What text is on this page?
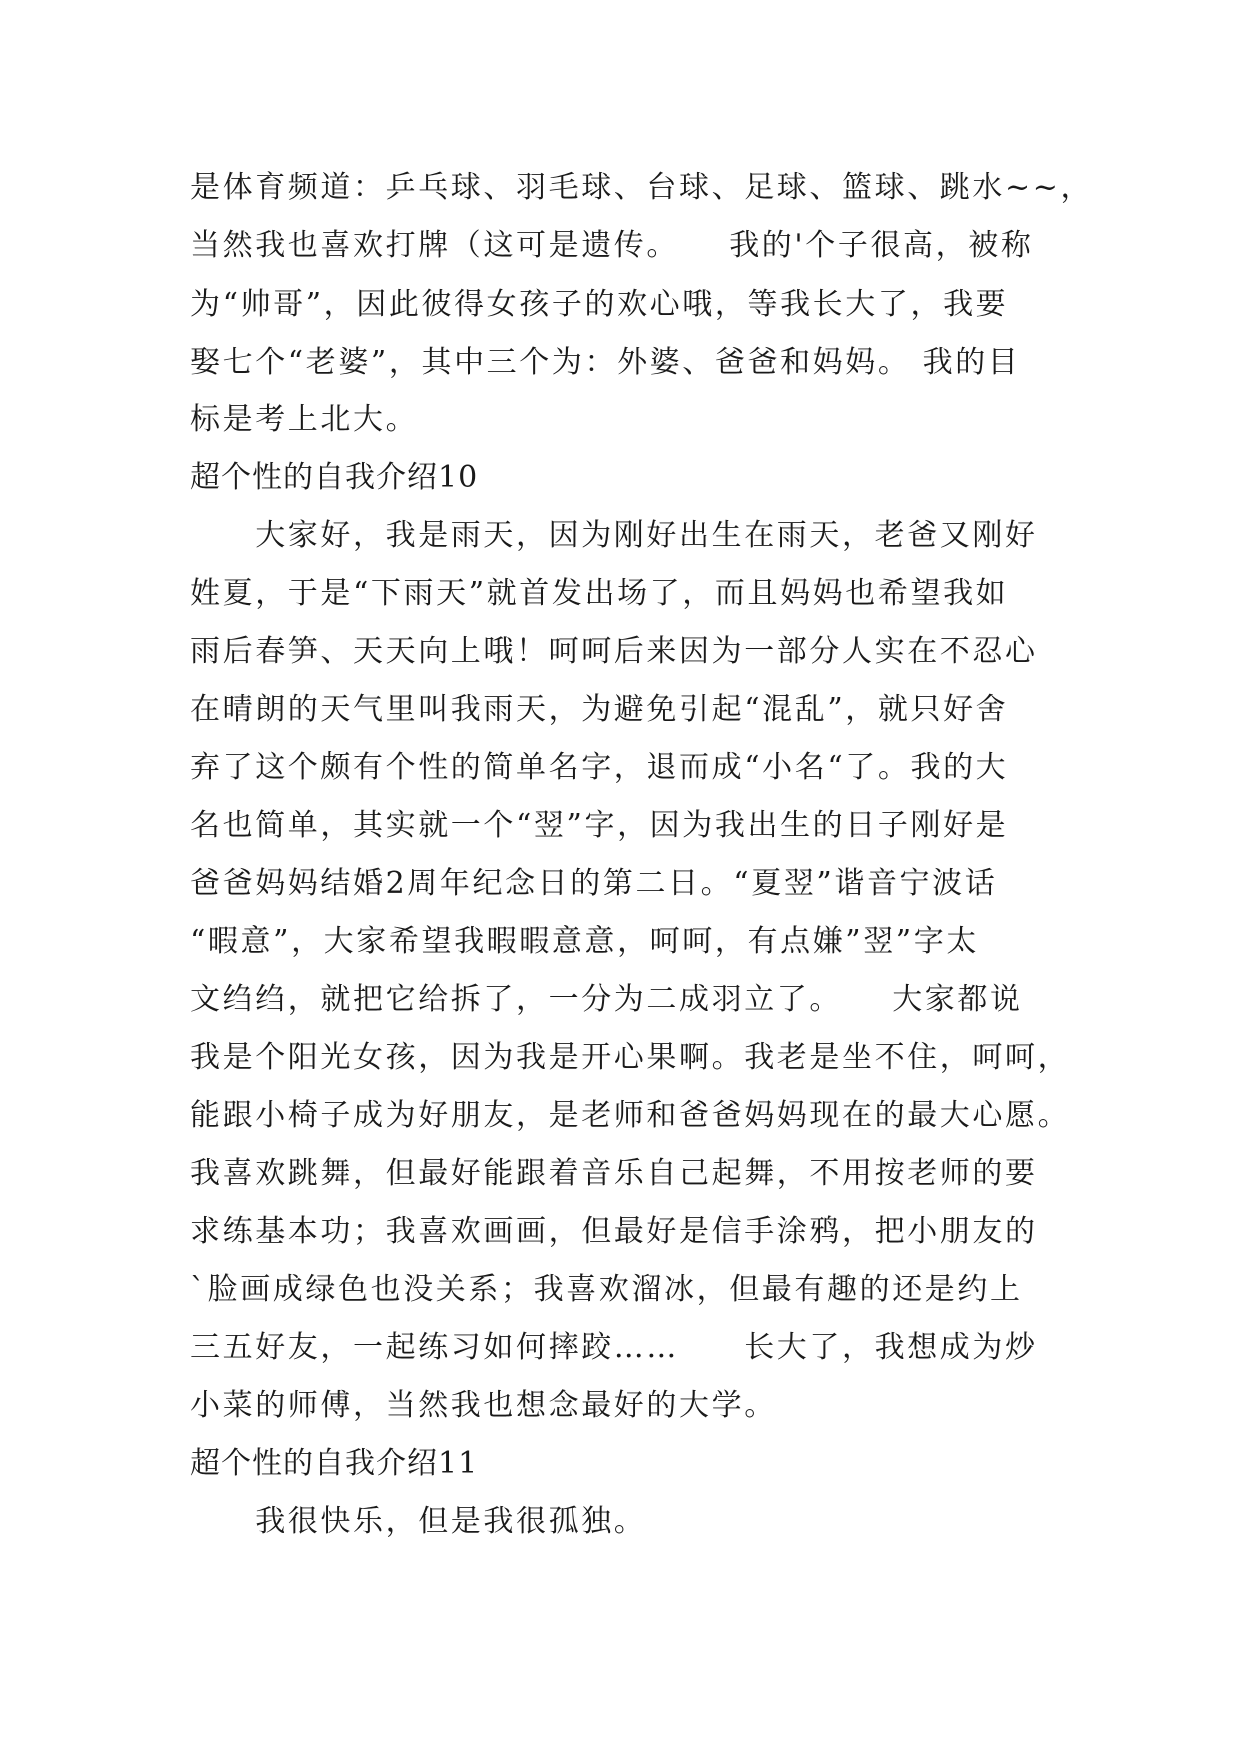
是体育频道：乒乓球、羽毛球、台球、足球、篮球、跳水~~，
当然我也喜欢打牌（这可是遗传。　　我的'个子很高，被称
为“帅哥”，因此彼得女孩子的欢心哦，等我长大了，我要
娶七个“老婆”，其中三个为：外婆、爸爸和妈妈。 我的目
标是考上北大。
超个性的自我介绍10
　　大家好，我是雨天，因为刚好出生在雨天，老爸又刚好
姓夏，于是“下雨天”就首发出场了，而且妈妈也希望我如
雨后春笋、天天向上哦！呵呵后来因为一部分人实在不忍心
在晴朗的天气里叫我雨天，为避免引起“混乱”，就只好舍
弃了这个颇有个性的简单名字，退而成“小名“了。我的大
名也简单，其实就一个“翌”字，因为我出生的日子刚好是
爸爸妈妈结婚2周年纪念日的第二日。“夏翌”谐音宁波话
“暇意”，大家希望我暇暇意意，呵呵，有点嫌”翌”字太
文绉绉，就把它给拆了，一分为二成羽立了。　　大家都说
我是个阳光女孩，因为我是开心果啊。我老是坐不住，呵呵，
能跟小椅子成为好朋友，是老师和爸爸妈妈现在的最大心愿。
我喜欢跳舞，但最好能跟着音乐自己起舞，不用按老师的要
求练基本功；我喜欢画画，但最好是信手涂鸦，把小朋友的
`脸画成绿色也没关系；我喜欢溜冰，但最有趣的还是约上
三五好友，一起练习如何摔跤……　　长大了，我想成为炒
小菜的师傅，当然我也想念最好的大学。
超个性的自我介绍11
　　我很快乐，但是我很孤独。
